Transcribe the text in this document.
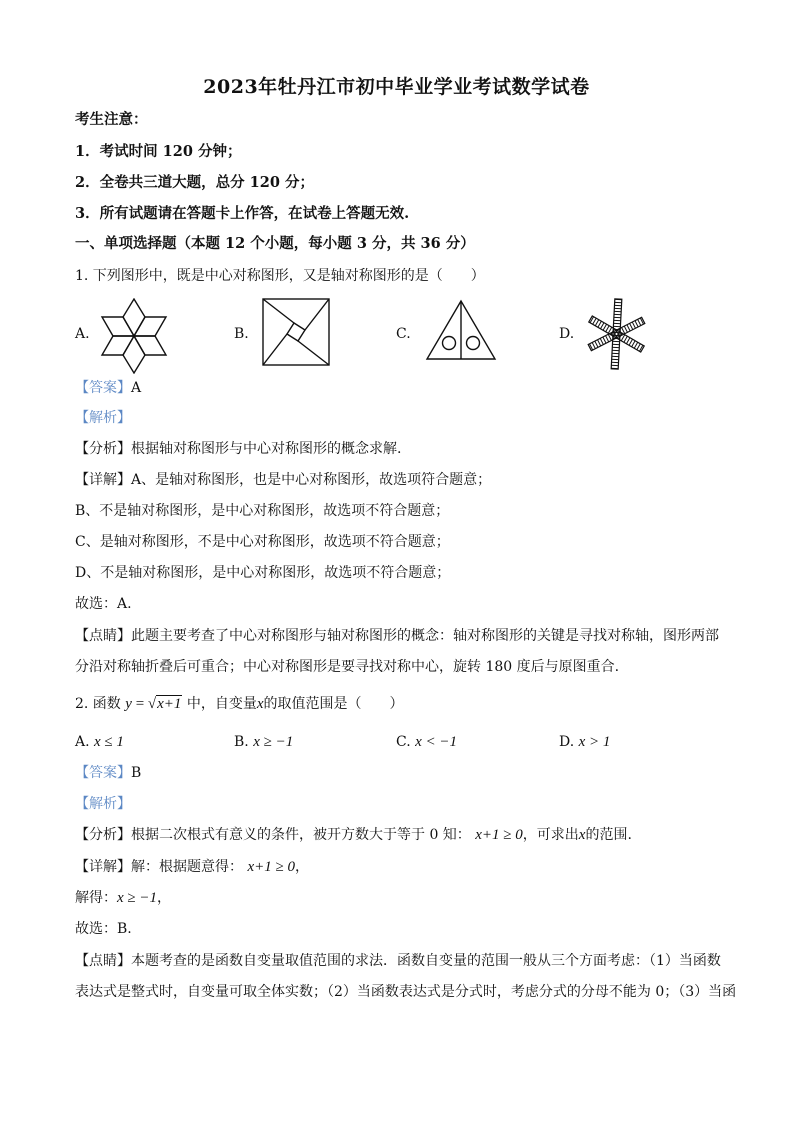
2023年牡丹江市初中毕业学业考试数学试卷
考生注意：
1．考试时间 120 分钟；
2．全卷共三道大题，总分 120 分；
3．所有试题请在答题卡上作答，在试卷上答题无效.
一、单项选择题（本题 12 个小题，每小题 3 分，共 36 分）
1. 下列图形中，既是中心对称图形，又是轴对称图形的是（　　）
A.	B.	C.	D.
【答案】A
【解析】
【分析】根据轴对称图形与中心对称图形的概念求解.
【详解】A、是轴对称图形，也是中心对称图形，故选项符合题意；
B、不是轴对称图形，是中心对称图形，故选项不符合题意；
C、是轴对称图形，不是中心对称图形，故选项不符合题意；
D、不是轴对称图形，是中心对称图形，故选项不符合题意；
故选：A.
【点睛】此题主要考查了中心对称图形与轴对称图形的概念：轴对称图形的关键是寻找对称轴，图形两部
分沿对称轴折叠后可重合；中心对称图形是要寻找对称中心，旋转 180 度后与原图重合.
2. 函数 y = √x+1 中，自变量x的取值范围是（　　）
A. x ≤ 1	B. x ≥ −1	C. x < −1	D. x > 1
【答案】B
【解析】
【分析】根据二次根式有意义的条件，被开方数大于等于 0 知： x+1 ≥ 0，可求出x的范围.
【详解】解：根据题意得： x+1 ≥ 0，
解得：x ≥ −1，
故选：B.
【点睛】本题考查的是函数自变量取值范围的求法．函数自变量的范围一般从三个方面考虑：（1）当函数
表达式是整式时，自变量可取全体实数；（2）当函数表达式是分式时，考虑分式的分母不能为 0；（3）当函
